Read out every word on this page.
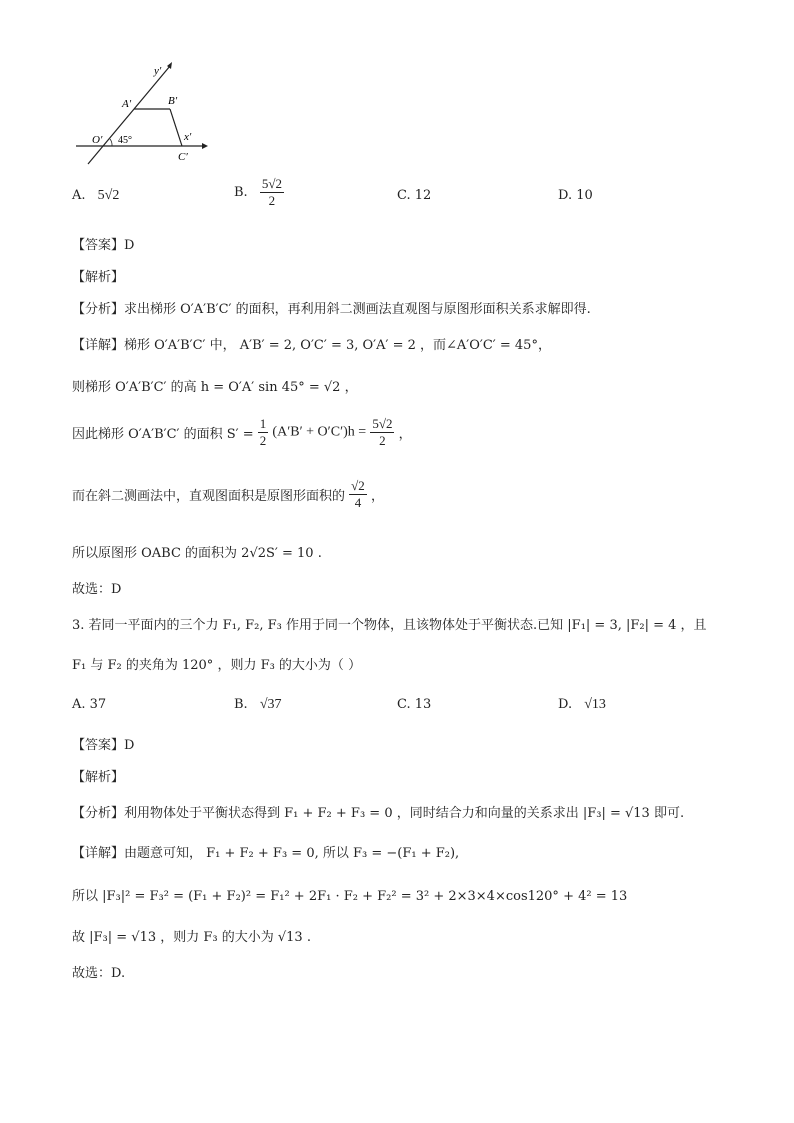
y′
A′	B′
O′ 45°	x′
C′
A. 5√2	B. $\frac{5√2}{2}$	C. 12	D. 10
【答案】D
【解析】
【分析】求出梯形 O′A′B′C′ 的面积，再利用斜二测画法直观图与原图形面积关系求解即得.
【详解】梯形 O′A′B′C′ 中， A′B′ = 2, O′C′ = 3, O′A′ = 2 ，而∠A′O′C′ = 45°，
则梯形 O′A′B′C′ 的高 h = O′A′ sin 45° = √2 ，
因此梯形 O′A′B′C′ 的面积 $S' = \frac{1}{2} (A'B' + O'C')h = \frac{5√2}{2}$ ，
而在斜二测画法中，直观图面积是原图形面积的 $\frac{√2}{4}$ ，
所以原图形 OABC 的面积为 2√2S′ = 10 .
故选：D
3. 若同一平面内的三个力 F₁, F₂, F₃ 作用于同一个物体，且该物体处于平衡状态.已知 |F₁| = 3, |F₂| = 4 ，且
F₁ 与 F₂ 的夹角为 120° ，则力 F₃ 的大小为（ ）
A. 37	B. √37	C. 13	D. √13
【答案】D
【解析】
【分析】利用物体处于平衡状态得到 F₁ + F₂ + F₃ = 0 ，同时结合力和向量的关系求出 |F₃| = √13 即可.
【详解】由题意可知， F₁ + F₂ + F₃ = 0, 所以 F₃ = −(F₁ + F₂),
所以 |F₃|² = F₃² = (F₁ + F₂)² = F₁² + 2F₁ · F₂ + F₂² = 3² + 2×3×4×cos120° + 4² = 13
故 |F₃| = √13 ，则力 F₃ 的大小为 √13 .
故选：D.
